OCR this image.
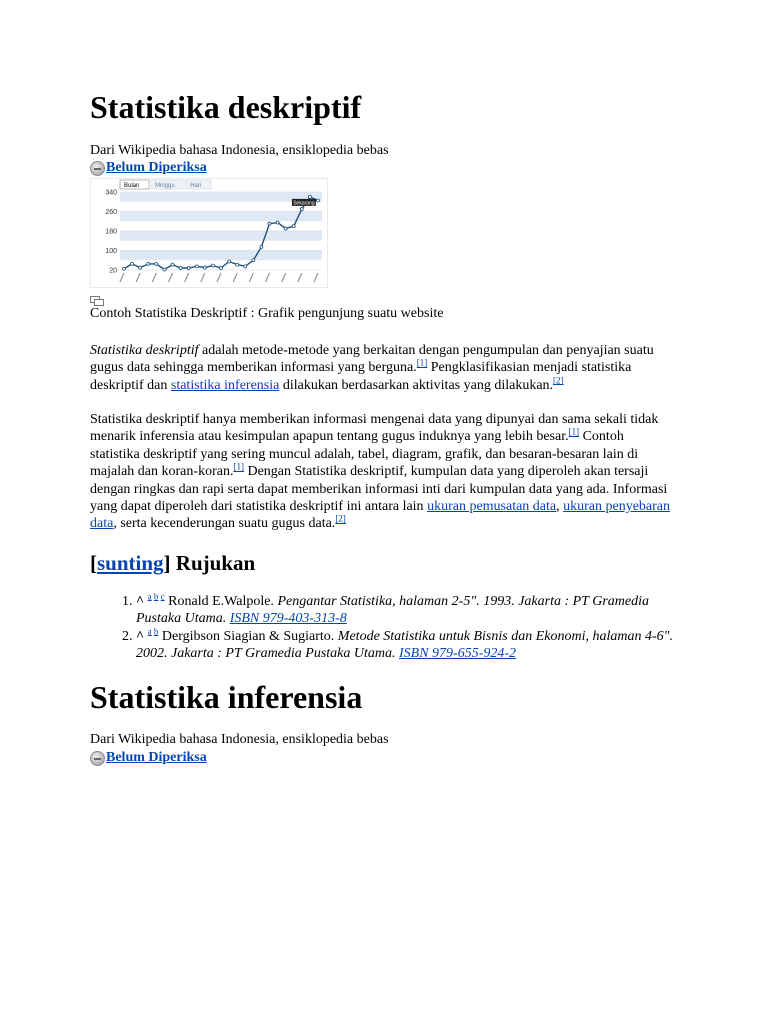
Statistika deskriptif
Dari Wikipedia bahasa Indonesia, ensiklopedia bebas
Belum Diperiksa
Bulan	Minggu	Hari
20
100
180
260
340
Sekarang
Contoh Statistika Deskriptif : Grafik pengunjung suatu website
Statistika deskriptif adalah metode-metode yang berkaitan dengan pengumpulan dan penyajian suatu gugus data sehingga memberikan informasi yang berguna.[1] Pengklasifikasian menjadi statistika deskriptif dan statistika inferensia dilakukan berdasarkan aktivitas yang dilakukan.[2]
Statistika deskriptif hanya memberikan informasi mengenai data yang dipunyai dan sama sekali tidak menarik inferensia atau kesimpulan apapun tentang gugus induknya yang lebih besar.[1] Contoh statistika deskriptif yang sering muncul adalah, tabel, diagram, grafik, dan besaran-besaran lain di majalah dan koran-koran.[1] Dengan Statistika deskriptif, kumpulan data yang diperoleh akan tersaji dengan ringkas dan rapi serta dapat memberikan informasi inti dari kumpulan data yang ada. Informasi yang dapat diperoleh dari statistika deskriptif ini antara lain ukuran pemusatan data, ukuran penyebaran data, serta kecenderungan suatu gugus data.[2]
[sunting] Rujukan
1. ^ $^{a b c}$ Ronald E.Walpole. Pengantar Statistika, halaman 2-5". 1993. Jakarta : PT Gramedia Pustaka Utama. ISBN 979-403-313-8
2. ^ $^{a b}$ Dergibson Siagian & Sugiarto. Metode Statistika untuk Bisnis dan Ekonomi, halaman 4-6". 2002. Jakarta : PT Gramedia Pustaka Utama. ISBN 979-655-924-2
Statistika inferensia
Dari Wikipedia bahasa Indonesia, ensiklopedia bebas
Belum Diperiksa
